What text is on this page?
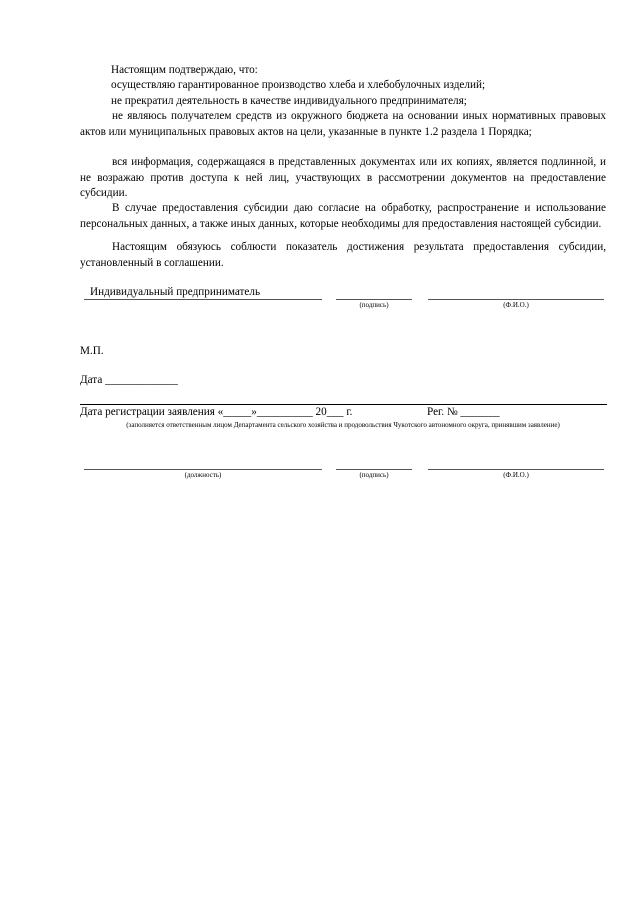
Настоящим подтверждаю, что:

осуществляю гарантированное производство хлеба и хлебобулочных изделий;

не прекратил деятельность в качестве индивидуального предпринимателя;

не являюсь получателем средств из окружного бюджета на основании иных нормативных правовых актов или муниципальных правовых актов на цели, указанные в пункте 1.2 раздела 1 Порядка;

вся информация, содержащаяся в представленных документах или их копиях, является подлинной, и не возражаю против доступа к ней лиц, участвующих в рассмотрении документов на предоставление субсидии.

В случае предоставления субсидии даю согласие на обработку, распространение и использование персональных данных, а также иных данных, которые необходимы для предоставления настоящей субсидии.

Настоящим обязуюсь соблюсти показатель достижения результата предоставления субсидии, установленный в соглашении.

Индивидуальный предприниматель
(подпись)	(Ф.И.О.)
М.П.
Дата _____________
Дата регистрации заявления «_____»__________ 20___ г.	Рег. № _______
(заполняется ответственным лицом Департамента сельского хозяйства и продовольствия Чукотского автономного округа, принявшим заявление)
(должность)	(подпись)	(Ф.И.О.)
